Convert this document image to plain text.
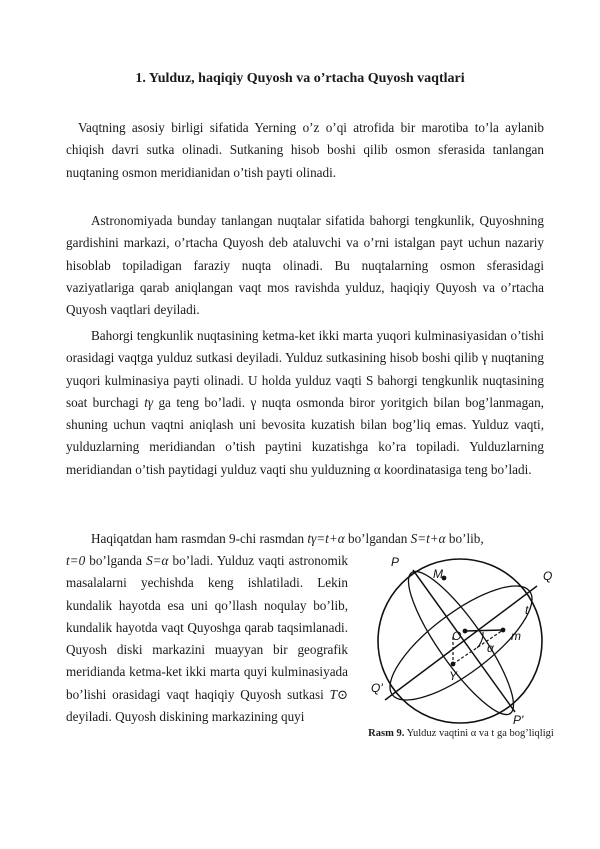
1. Yulduz, haqiqiy Quyosh va o’rtacha Quyosh vaqtlari

Vaqtning asosiy birligi sifatida Yerning o’z o’qi atrofida bir marotiba to’la aylanib chiqish davri sutka olinadi. Sutkaning hisob boshi qilib osmon sferasida tanlangan nuqtaning osmon meridianidan o’tish payti olinadi.

Astronomiyada bunday tanlangan nuqtalar sifatida bahorgi tengkunlik, Quyoshning gardishini markazi, o’rtacha Quyosh deb ataluvchi va o’rni istalgan payt uchun nazariy hisoblab topiladigan faraziy nuqta olinadi. Bu nuqtalarning osmon sferasidagi vaziyatlariga qarab aniqlangan vaqt mos ravishda yulduz, haqiqiy Quyosh va o’rtacha Quyosh vaqtlari deyiladi.

Bahorgi tengkunlik nuqtasining ketma-ket ikki marta yuqori kulminasiyasidan o’tishi orasidagi vaqtga yulduz sutkasi deyiladi. Yulduz sutkasining hisob boshi qilib γ nuqtaning yuqori kulminasiya payti olinadi. U holda yulduz vaqti S bahorgi tengkunlik nuqtasining soat burchagi tγ ga teng bo’ladi. γ nuqta osmonda biror yoritgich bilan bog’lanmagan, shuning uchun vaqtni aniqlash uni bevosita kuzatish bilan bog’liq emas. Yulduz vaqti, yulduzlarning meridiandan o’tish paytini kuzatishga ko’ra topiladi. Yulduzlarning meridiandan o’tish paytidagi yulduz vaqti shu yulduzning α koordinatasiga teng bo’ladi.

Haqiqatdan ham rasmdan 9-chi rasmdan tγ=t+α bo’lgandan S=t+α bo’lib,

t=0 bo’lganda S=α bo’ladi. Yulduz vaqti astronomik masalalarni yechishda keng ishlatiladi. Lekin kundalik hayotda esa uni qo’llash noqulay bo’lib, kundalik hayotda vaqt Quyoshga qarab taqsimlanadi. Quyosh diski markazini muayyan bir geografik meridianda ketma-ket ikki marta quyi kulminasiyada bo’lishi orasidagi vaqt haqiqiy Quyosh sutkasi T⊙ deyiladi. Quyosh diskining markazining quyi

P
Q
M
t
O	m
α
Υ
Q'
P'
Rasm 9. Yulduz vaqtini α va t ga bog’liqligi
